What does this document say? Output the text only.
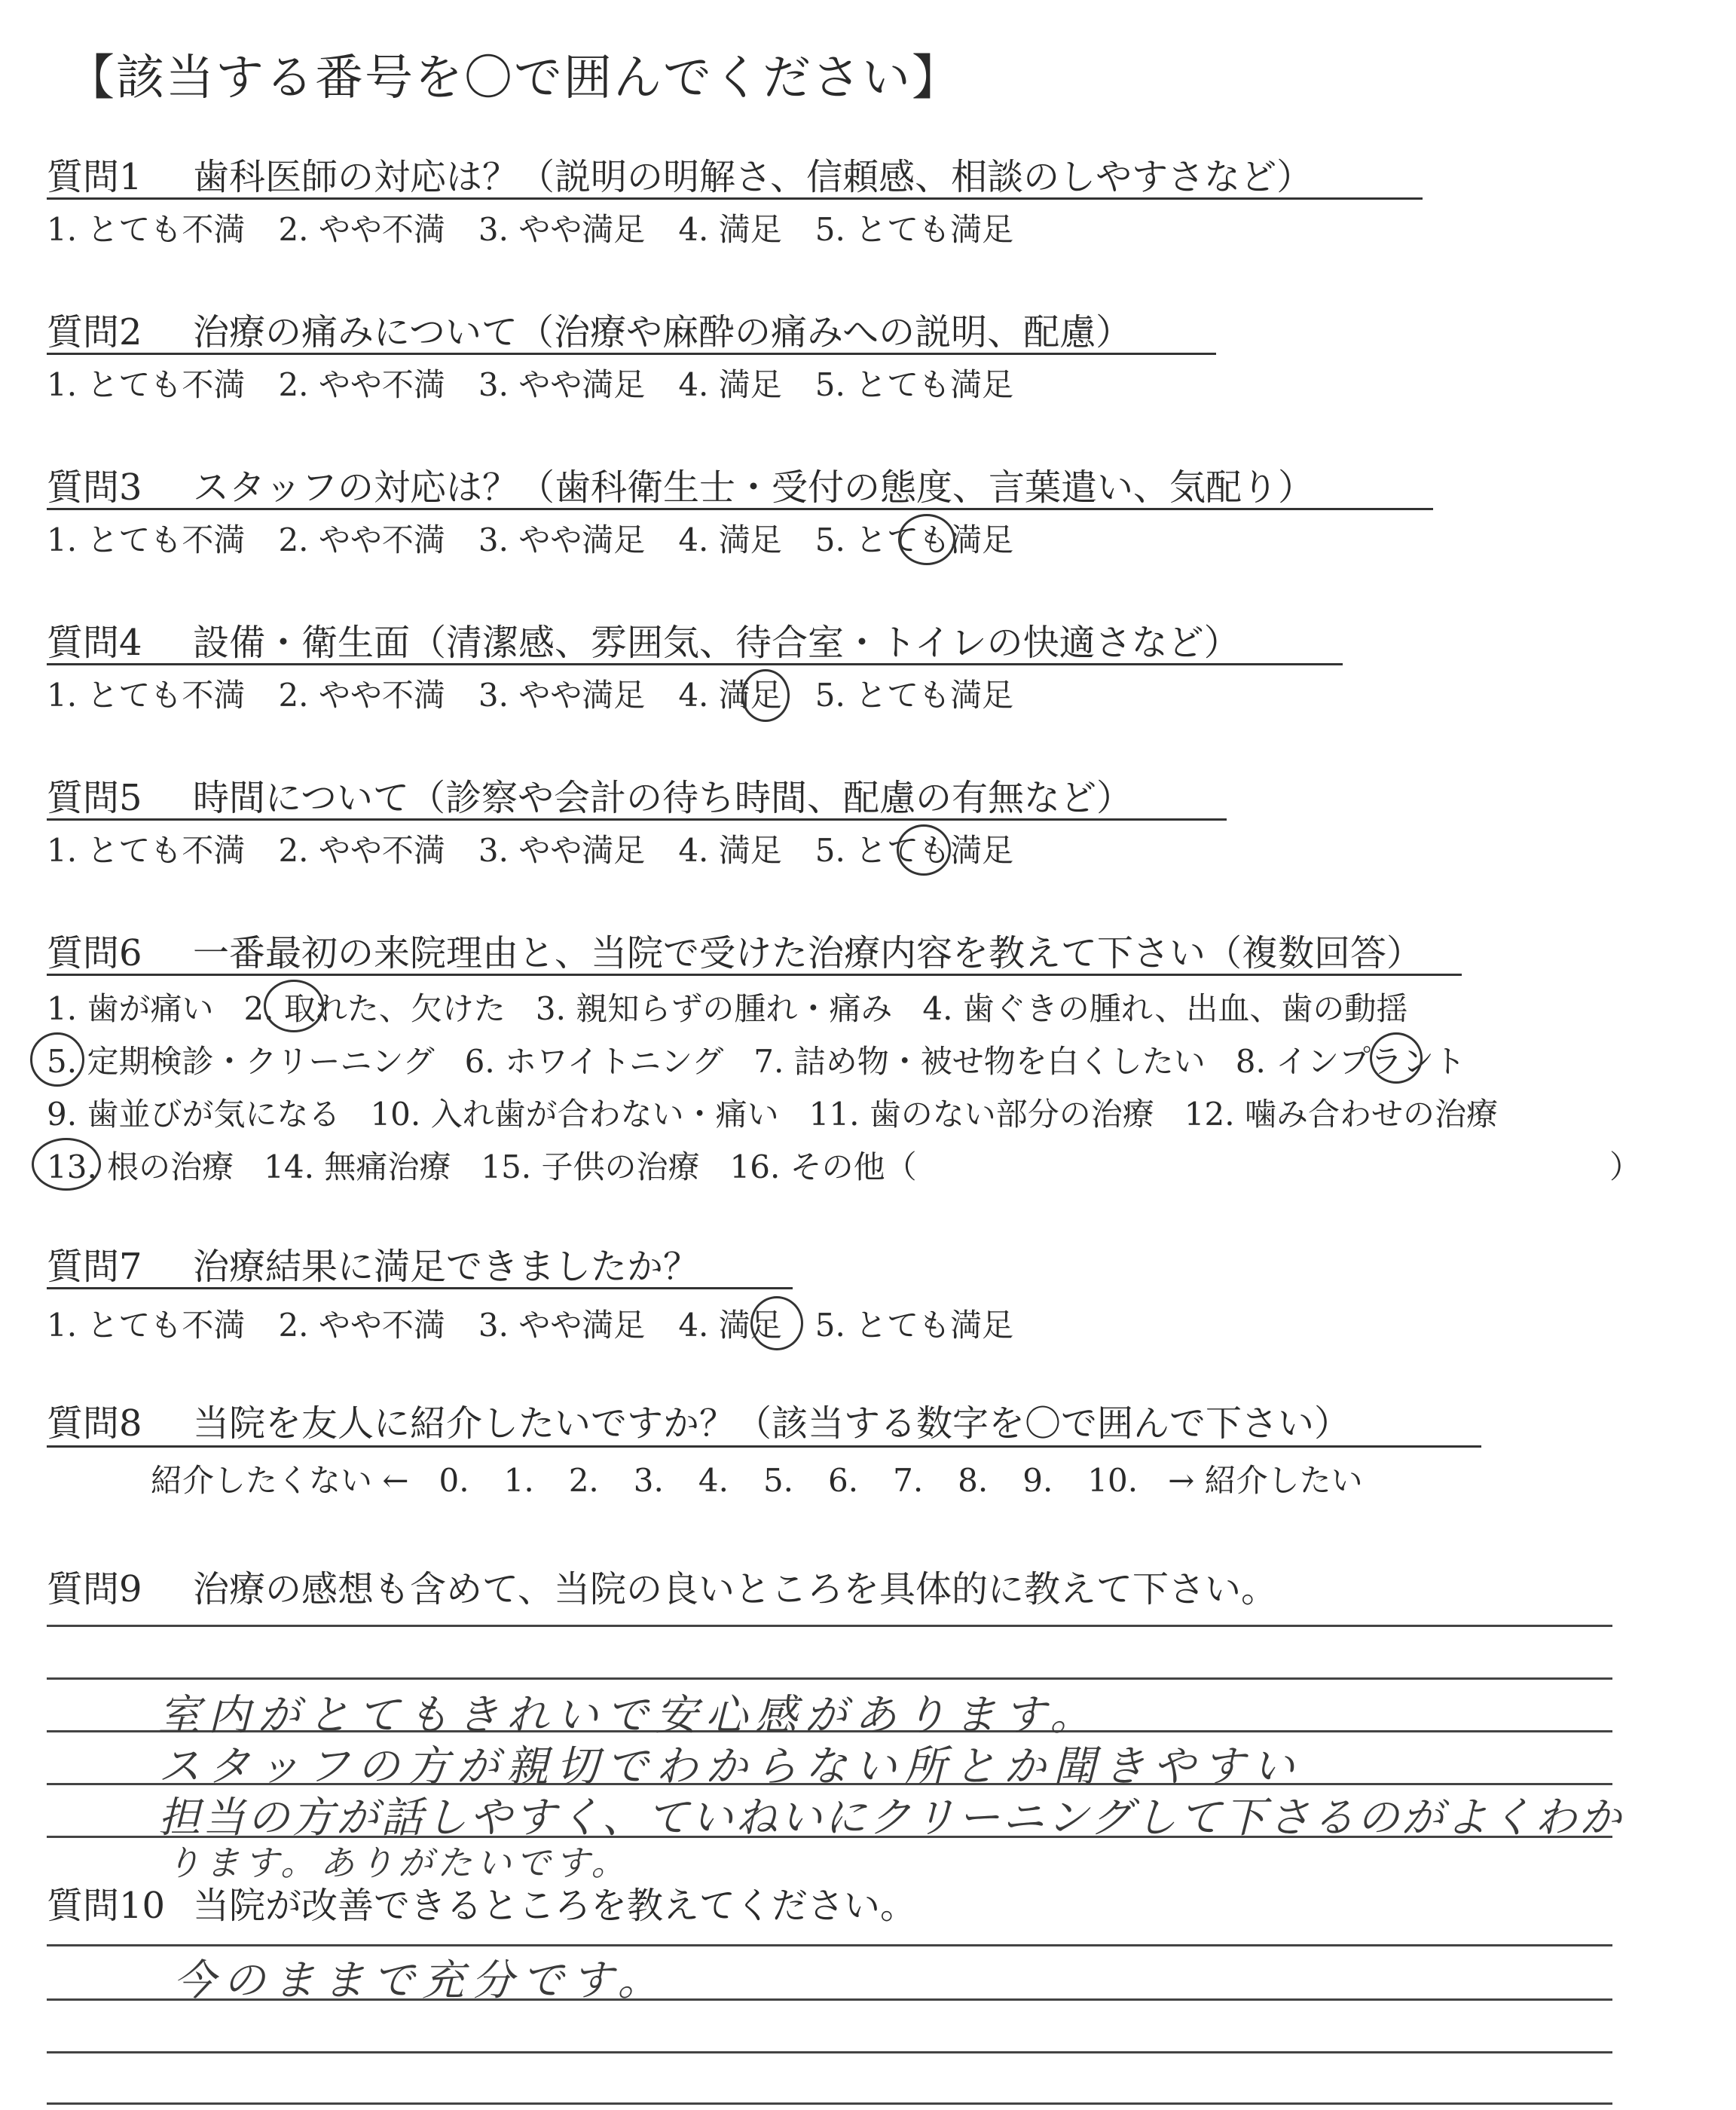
【該当する番号を〇で囲んでください】
質問1 歯科医師の対応は？（説明の明解さ、信頼感、相談のしやすさなど）
1. とても不満 2. やや不満 3. やや満足 4. 満足 5. とても満足
質問2 治療の痛みについて（治療や麻酔の痛みへの説明、配慮）
1. とても不満 2. やや不満 3. やや満足 4. 満足 5. とても満足
質問3 スタッフの対応は？（歯科衛生士・受付の態度、言葉遣い、気配り）
1. とても不満 2. やや不満 3. やや満足 4. 満足 5. とても満足
質問4 設備・衛生面（清潔感、雰囲気、待合室・トイレの快適さなど）
1. とても不満 2. やや不満 3. やや満足 4. 満足 5. とても満足
質問5 時間について（診察や会計の待ち時間、配慮の有無など）
1. とても不満 2. やや不満 3. やや満足 4. 満足 5. とても満足
質問6 一番最初の来院理由と、当院で受けた治療内容を教えて下さい（複数回答）
1. 歯が痛い 2. 取れた、欠けた 3. 親知らずの腫れ・痛み 4. 歯ぐきの腫れ、出血、歯の動揺
5. 定期検診・クリーニング 6. ホワイトニング 7. 詰め物・被せ物を白くしたい 8. インプラント
9. 歯並びが気になる 10. 入れ歯が合わない・痛い 11. 歯のない部分の治療 12. 噛み合わせの治療
13. 根の治療 14. 無痛治療 15. 子供の治療 16. その他（	）
質問7 治療結果に満足できましたか？
1. とても不満 2. やや不満 3. やや満足 4. 満足 5. とても満足
質問8 当院を友人に紹介したいですか？（該当する数字を〇で囲んで下さい）
紹介したくない ← 0. 1. 2. 3. 4. 5. 6. 7. 8. 9. 10. → 紹介したい
質問9 治療の感想も含めて、当院の良いところを具体的に教えて下さい。
室内がとてもきれいで安心感があります。
スタッフの方が親切でわからない所とか聞きやすい
担当の方が話しやすく、ていねいにクリーニングして下さるのがよくわか
ります。ありがたいです。
質問10 当院が改善できるところを教えてください。
今のままで充分です。
